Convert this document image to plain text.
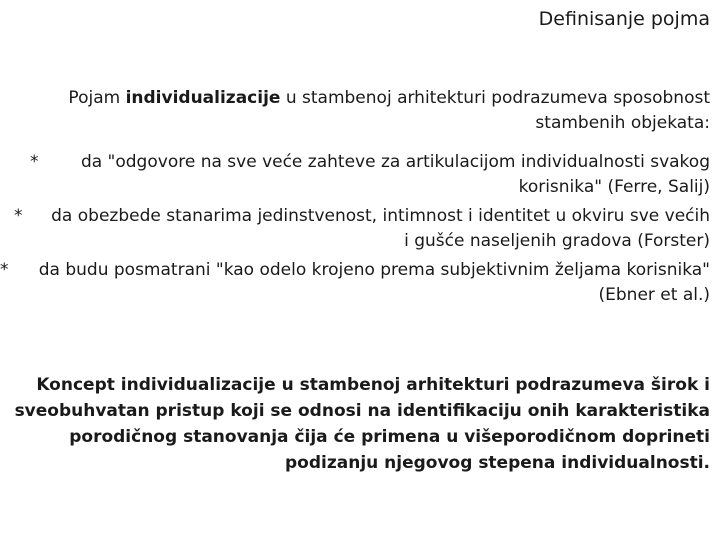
Definisanje pojma

Pojam individualizacije u stambenoj arhitekturi podrazumeva sposobnost stambenih objekata:

*	da "odgovore na sve veće zahteve za artikulacijom individualnosti svakog korisnika" (Ferre, Salij)
*	da obezbede stanarima jedinstvenost, intimnost i identitet u okviru sve većih i gušće naseljenih gradova (Forster)
*	da budu posmatrani "kao odelo krojeno prema subjektivnim željama korisnika" (Ebner et al.)

Koncept individualizacije u stambenoj arhitekturi podrazumeva širok i sveobuhvatan pristup koji se odnosi na identifikaciju onih karakteristika porodičnog stanovanja čija će primena u višeporodičnom doprineti podizanju njegovog stepena individualnosti.
